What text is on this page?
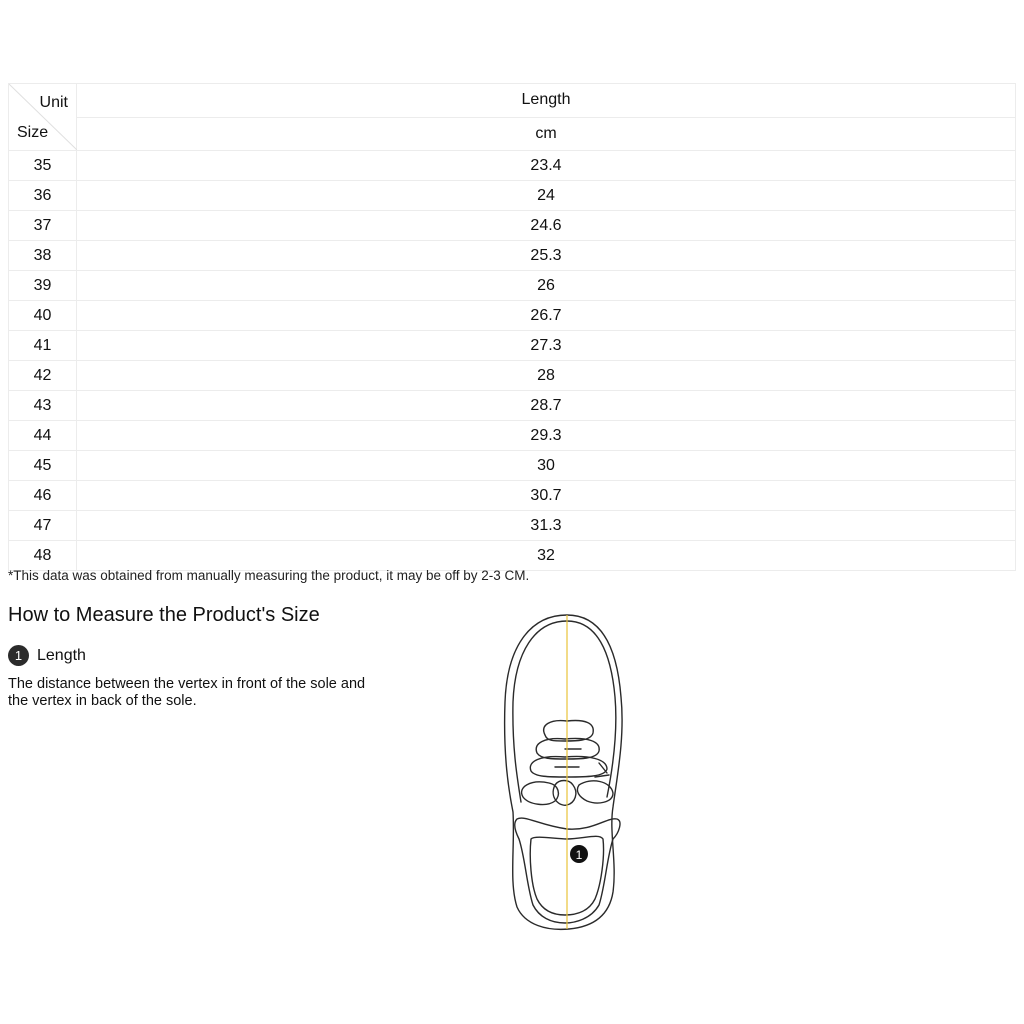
Unit
Size	Length
	cm
35	23.4
36	24
37	24.6
38	25.3
39	26
40	26.7
41	27.3
42	28
43	28.7
44	29.3
45	30
46	30.7
47	31.3
48	32
*This data was obtained from manually measuring the product, it may be off by 2-3 CM.
How to Measure the Product's Size
1 Length
The distance between the vertex in front of the sole and the vertex in back of the sole.
1
